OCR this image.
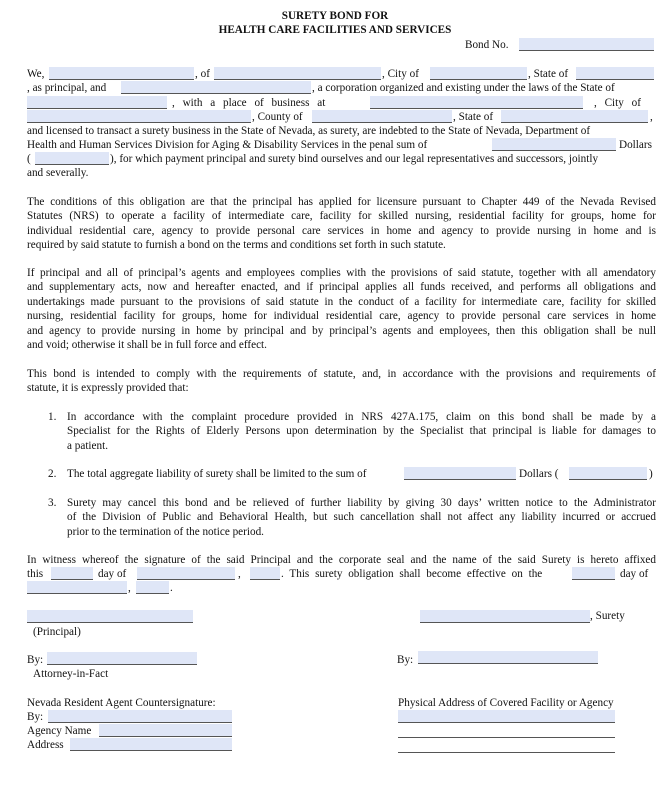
SURETY BOND FOR
HEALTH CARE FACILITIES AND SERVICES
Bond No.
We,	, of	, City of	, State of
, as principal, and	, a corporation organized and existing under the laws of the State of
, with a place of business at	, City of
, County of	, State of	,
and licensed to transact a surety business in the State of Nevada, as surety, are indebted to the State of Nevada, Department of
Health and Human Services Division for Aging & Disability Services in the penal sum of	Dollars
(	), for which payment principal and surety bind ourselves and our legal representatives and successors, jointly
and severally.
The conditions of this obligation are that the principal has applied for licensure pursuant to Chapter 449 of the Nevada Revised
Statutes (NRS) to operate a facility of intermediate care, facility for skilled nursing, residential facility for groups, home for
individual residential care, agency to provide personal care services in home and agency to provide nursing in home and is
required by said statute to furnish a bond on the terms and conditions set forth in such statute.
If principal and all of principal’s agents and employees complies with the provisions of said statute, together with all amendatory
and supplementary acts, now and hereafter enacted, and if principal applies all funds received, and performs all obligations and
undertakings made pursuant to the provisions of said statute in the conduct of a facility for intermediate care, facility for skilled
nursing, residential facility for groups, home for individual residential care, agency to provide personal care services in home
and agency to provide nursing in home by principal and by principal’s agents and employees, then this obligation shall be null
and void; otherwise it shall be in full force and effect.
This bond is intended to comply with the requirements of statute, and, in accordance with the provisions and requirements of
statute, it is expressly provided that:
1. In accordance with the complaint procedure provided in NRS 427A.175, claim on this bond shall be made by a
Specialist for the Rights of Elderly Persons upon determination by the Specialist that principal is liable for damages to
a patient.
2. The total aggregate liability of surety shall be limited to the sum of	Dollars (	)
3. Surety may cancel this bond and be relieved of further liability by giving 30 days’ written notice to the Administrator
of the Division of Public and Behavioral Health, but such cancellation shall not affect any liability incurred or accrued
prior to the termination of the notice period.
In witness whereof the signature of the said Principal and the corporate seal and the name of the said Surety is hereto affixed
this	day of	,	. This surety obligation shall become effective on the	day of
,	.
, Surety
(Principal)
By:
Attorney-in-Fact
By:
Nevada Resident Agent Countersignature:
By:
Agency Name
Address
Physical Address of Covered Facility or Agency
